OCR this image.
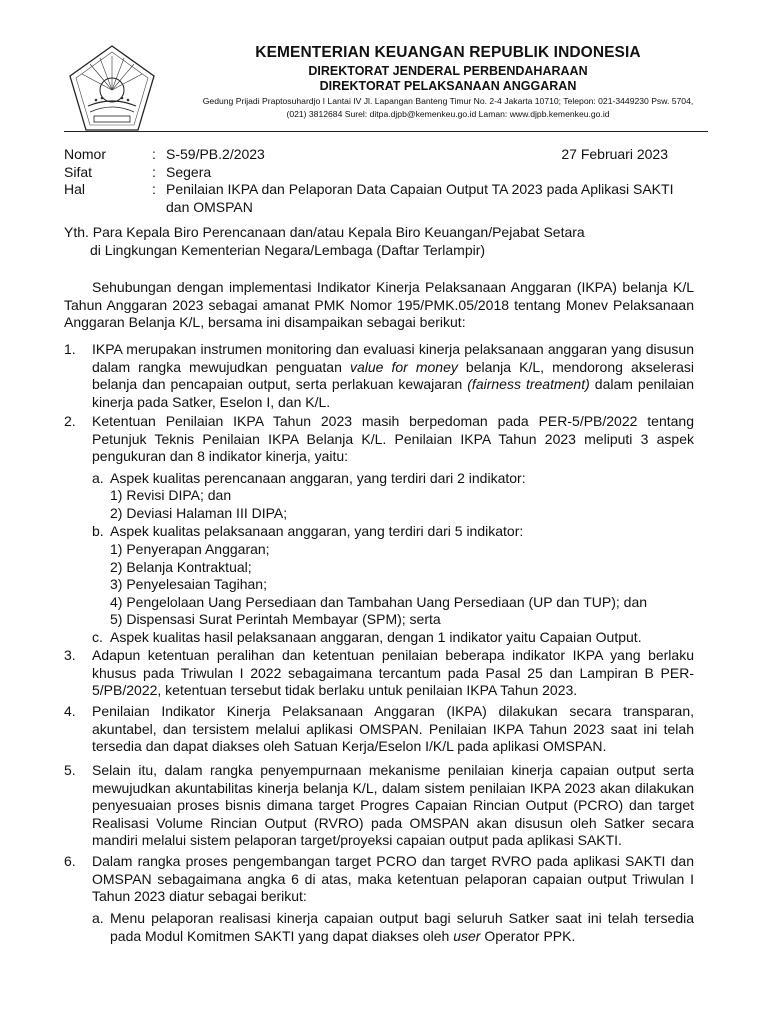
KEMENTERIAN KEUANGAN REPUBLIK INDONESIA
DIREKTORAT JENDERAL PERBENDAHARAAN
DIREKTORAT PELAKSANAAN ANGGARAN
Gedung Prijadi Praptosuhardjo I Lantai IV Jl. Lapangan Banteng Timur No. 2-4 Jakarta 10710; Telepon: 021-3449230 Psw. 5704,
(021) 3812684 Surel: ditpa.djpb@kemenkeu.go.id Laman: www.djpb.kemenkeu.go.id
Nomor	: S-59/PB.2/2023	27 Februari 2023
Sifat	: Segera
Hal	: Penilaian IKPA dan Pelaporan Data Capaian Output TA 2023 pada Aplikasi SAKTI dan OMSPAN
Yth. Para Kepala Biro Perencanaan dan/atau Kepala Biro Keuangan/Pejabat Setara
di Lingkungan Kementerian Negara/Lembaga (Daftar Terlampir)
Sehubungan dengan implementasi Indikator Kinerja Pelaksanaan Anggaran (IKPA) belanja K/L Tahun Anggaran 2023 sebagai amanat PMK Nomor 195/PMK.05/2018 tentang Monev Pelaksanaan Anggaran Belanja K/L, bersama ini disampaikan sebagai berikut:
1. IKPA merupakan instrumen monitoring dan evaluasi kinerja pelaksanaan anggaran yang disusun dalam rangka mewujudkan penguatan value for money belanja K/L, mendorong akselerasi belanja dan pencapaian output, serta perlakuan kewajaran (fairness treatment) dalam penilaian kinerja pada Satker, Eselon I, dan K/L.
2. Ketentuan Penilaian IKPA Tahun 2023 masih berpedoman pada PER-5/PB/2022 tentang Petunjuk Teknis Penilaian IKPA Belanja K/L. Penilaian IKPA Tahun 2023 meliputi 3 aspek pengukuran dan 8 indikator kinerja, yaitu:
a. Aspek kualitas perencanaan anggaran, yang terdiri dari 2 indikator:
1) Revisi DIPA; dan
2) Deviasi Halaman III DIPA;
b. Aspek kualitas pelaksanaan anggaran, yang terdiri dari 5 indikator:
1) Penyerapan Anggaran;
2) Belanja Kontraktual;
3) Penyelesaian Tagihan;
4) Pengelolaan Uang Persediaan dan Tambahan Uang Persediaan (UP dan TUP); dan
5) Dispensasi Surat Perintah Membayar (SPM); serta
c. Aspek kualitas hasil pelaksanaan anggaran, dengan 1 indikator yaitu Capaian Output.
3. Adapun ketentuan peralihan dan ketentuan penilaian beberapa indikator IKPA yang berlaku khusus pada Triwulan I 2022 sebagaimana tercantum pada Pasal 25 dan Lampiran B PER-5/PB/2022, ketentuan tersebut tidak berlaku untuk penilaian IKPA Tahun 2023.
4. Penilaian Indikator Kinerja Pelaksanaan Anggaran (IKPA) dilakukan secara transparan, akuntabel, dan tersistem melalui aplikasi OMSPAN. Penilaian IKPA Tahun 2023 saat ini telah tersedia dan dapat diakses oleh Satuan Kerja/Eselon I/K/L pada aplikasi OMSPAN.
5. Selain itu, dalam rangka penyempurnaan mekanisme penilaian kinerja capaian output serta mewujudkan akuntabilitas kinerja belanja K/L, dalam sistem penilaian IKPA 2023 akan dilakukan penyesuaian proses bisnis dimana target Progres Capaian Rincian Output (PCRO) dan target Realisasi Volume Rincian Output (RVRO) pada OMSPAN akan disusun oleh Satker secara mandiri melalui sistem pelaporan target/proyeksi capaian output pada aplikasi SAKTI.
6. Dalam rangka proses pengembangan target PCRO dan target RVRO pada aplikasi SAKTI dan OMSPAN sebagaimana angka 6 di atas, maka ketentuan pelaporan capaian output Triwulan I Tahun 2023 diatur sebagai berikut:
a. Menu pelaporan realisasi kinerja capaian output bagi seluruh Satker saat ini telah tersedia pada Modul Komitmen SAKTI yang dapat diakses oleh user Operator PPK.
